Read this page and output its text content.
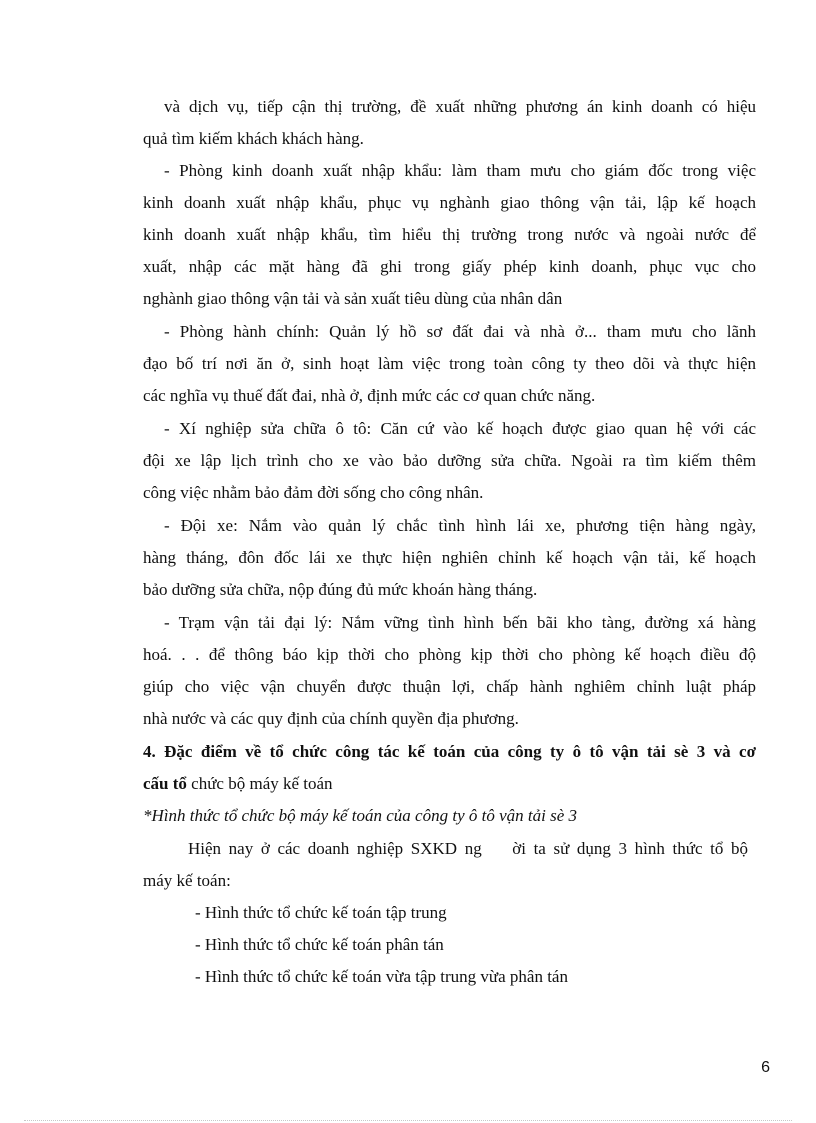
và dịch vụ, tiếp cận thị trường, đề xuất những phương án kinh doanh có hiệu

quả tìm kiếm khách khách hàng.

- Phòng kinh doanh xuất nhập khẩu: làm tham mưu cho giám đốc trong việc

kinh doanh xuất nhập khẩu, phục vụ nghành giao thông vận tải, lập kế hoạch

kinh doanh xuất nhập khẩu, tìm hiểu thị trường trong nước và ngoài nước để

xuất, nhập các mặt hàng đã ghi trong giấy phép kinh doanh, phục vục cho

nghành giao thông vận tải và sản xuất tiêu dùng của nhân dân

- Phòng hành chính: Quản lý hồ sơ đất đai và nhà ở... tham mưu cho lãnh

đạo bố trí nơi ăn ở, sinh hoạt làm việc trong toàn công ty theo dõi và thực hiện

các nghĩa vụ thuế đất đai, nhà ở, định mức các cơ quan chức năng.

- Xí nghiệp sửa chữa ô tô: Căn cứ vào kế hoạch được giao quan hệ với các

đội xe lập lịch trình cho xe vào bảo dưỡng sửa chữa. Ngoài ra tìm kiếm thêm

công việc nhằm bảo đảm đời sống cho công nhân.

- Đội xe: Nắm vào quản lý chắc tình hình lái xe, phương tiện hàng ngày,

hàng tháng, đôn đốc lái xe thực hiện nghiên chỉnh kế hoạch vận tải, kế hoạch

bảo dưỡng sửa chữa, nộp đúng đủ mức khoán hàng tháng.

- Trạm vận tải đại lý: Nắm vững tình hình bến bãi kho tàng, đường xá hàng

hoá. . . để thông báo kịp thời cho phòng kịp thời cho phòng kế hoạch điều độ

giúp cho việc vận chuyển được thuận lợi, chấp hành nghiêm chỉnh luật pháp

nhà nước và các quy định của chính quyền địa phương.

4. Đặc điểm về tổ chức công tác kế toán của công ty ô tô vận tải sè 3 và cơ

cấu tổ chức bộ máy kế toán

*Hình thức tổ chức bộ máy kế toán của công ty ô tô vận tải sè 3

Hiện nay ở các doanh nghiệp SXKD ng    ời ta sử dụng 3 hình thức tổ bộ

máy kế toán:

- Hình thức tổ chức kế toán tập trung

- Hình thức tổ chức kế toán phân tán

- Hình thức tổ chức kế toán vừa tập trung vừa phân tán

6
